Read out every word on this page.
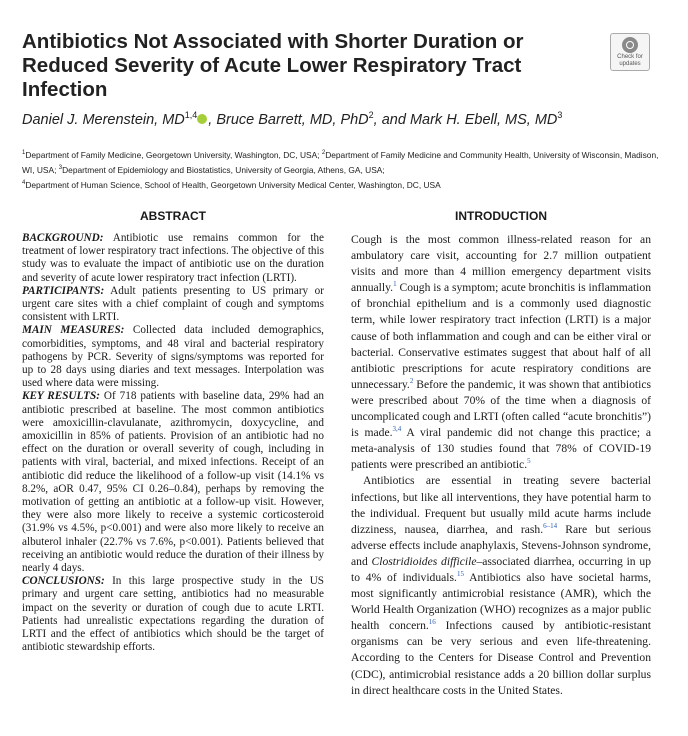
Antibiotics Not Associated with Shorter Duration or Reduced Severity of Acute Lower Respiratory Tract Infection
Check for
updates
Daniel J. Merenstein, MD$^{1,4}$ , Bruce Barrett, MD, PhD$^2$, and Mark H. Ebell, MS, $MD^3$

$^1$Department of Family Medicine, Georgetown University, Washington, DC, USA; $^2$Department of Family Medicine and Community Health, University of Wisconsin, Madison, WI, USA; $^3$Department of Epidemiology and Biostatistics, University of Georgia, Athens, GA, USA;

$^4$Department of Human Science, School of Health, Georgetown University Medical Center, Washington, DC, USA

ABSTRACT	INTRODUCTION

BACKGROUND: Antibiotic use remains common for the treatment of lower respiratory tract infections. The objective of this study was to evaluate the impact of antibiotic use on the duration and severity of acute lower respiratory tract infection (LRTI).

PARTICIPANTS: Adult patients presenting to US primary or urgent care sites with a chief complaint of cough and symptoms consistent with LRTI.

MAIN MEASURES: Collected data included demographics, comorbidities, symptoms, and 48 viral and bacterial respiratory pathogens by PCR. Severity of signs/symptoms was reported for up to 28 days using diaries and text messages. Interpolation was used where data were missing.

KEY RESULTS: Of 718 patients with baseline data, 29% had an antibiotic prescribed at baseline. The most common antibiotics were amoxicillin-clavulanate, azithromycin, doxycycline, and amoxicillin in 85% of patients. Provision of an antibiotic had no effect on the duration or overall severity of cough, including in patients with viral, bacterial, and mixed infections. Receipt of an antibiotic did reduce the likelihood of a follow-up visit (14.1% vs 8.2%, aOR 0.47, 95% CI 0.26–0.84), perhaps by removing the motivation of getting an antibiotic at a follow-up visit. However, they were also more likely to receive a systemic corticosteroid (31.9% vs 4.5%, p<0.001) and were also more likely to receive an albuterol inhaler (22.7% vs 7.6%, p<0.001). Patients believed that receiving an antibiotic would reduce the duration of their illness by nearly 4 days.

CONCLUSIONS: In this large prospective study in the US primary and urgent care setting, antibiotics had no measurable impact on the severity or duration of cough due to acute LRTI. Patients had unrealistic expectations regarding the duration of LRTI and the effect of antibiotics which should be the target of antibiotic stewardship efforts.

Cough is the most common illness-related reason for an ambulatory care visit, accounting for 2.7 million outpatient visits and more than 4 million emergency department visits annually.$^1$ Cough is a symptom; acute bronchitis is inflammation of bronchial epithelium and is a commonly used diagnostic term, while lower respiratory tract infection (LRTI) is a major cause of both inflammation and cough and can be either viral or bacterial. Conservative estimates suggest that about half of all antibiotic prescriptions for acute respiratory conditions are unnecessary.$^2$ Before the pandemic, it was shown that antibiotics were prescribed about 70% of the time when a diagnosis of uncomplicated cough and LRTI (often called “acute bronchitis”) is made.$^{3,4}$ A viral pandemic did not change this practice; a meta-analysis of 130 studies found that 78% of COVID-19 patients were prescribed an antibiotic.$^5$

Antibiotics are essential in treating severe bacterial infections, but like all interventions, they have potential harm to the individual. Frequent but usually mild acute harms include dizziness, nausea, diarrhea, and rash.$^{6-14}$ Rare but serious adverse effects include anaphylaxis, Stevens-Johnson syndrome, and Clostridioides difficile–associated diarrhea, occurring in up to 4% of individuals.$^{15}$ Antibiotics also have societal harms, most significantly antimicrobial resistance (AMR), which the World Health Organization (WHO) recognizes as a major public health concern.$^{16}$ Infections caused by antibiotic-resistant organisms can be very serious and even life-threatening. According to the Centers for Disease Control and Prevention (CDC), antimicrobial resistance adds a 20 billion dollar surplus in direct healthcare costs in the United States.
